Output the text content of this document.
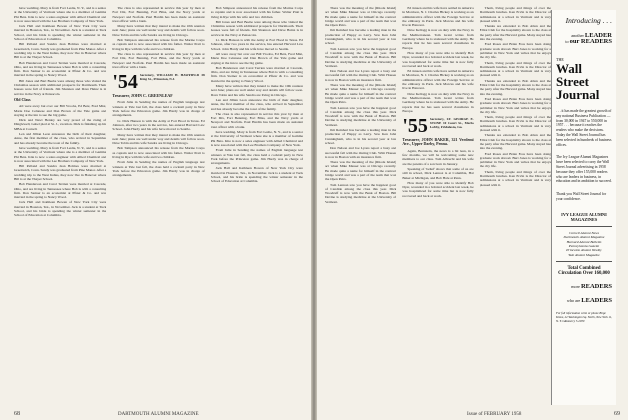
have wedding. Mary is from Fort Leslie, N. Y., and is a senior at the University of Vermont where she is a member of Gamma Phi Beta. Kite is now a sales engineer with Allied Chemical and is now associated with the Lee Brothers Company of New York.

Jack Hall and Kathleen Bowen of New York City were married in Houston, Tex., in November. Jack is a student at Tuck School, and his bride is spending the winter semester in the School of Education at Columbia.

Bill Pelland and Sandra Jean Holmes were married at Greenwich, Conn. Sandy was graduated from Pine Manor. After a wedding trip to the West Indies, they now live in Hanover where Bill is at the Thayer School.

Bob Henderson and Carol Terrien were married at Cascade, Ohio, and are living in Tennessee where Bob is with a consulting firm. Don Steiner is an economist at Pfizer & Co. and was married in the spring to Nancy Wood.

Bill Jones and Bart Beebe were among those who visited the Christmas season with additional prospects for Dartmouth. Their houses were full of friends. Jim Shannon and Dave Heinz is in service in the Navy at Pensacola.

Old Class

All were away but over our Bill Vrooba, Ed Betz, Fred Mist, Marie Doe Celanese and Dan Brown of the Yale game and staying at the inn to see the big game.

Dick and Newt Henley are very proud of the rising of Dinglewell, Gabel pled at St. J., vacation. Dick is finishing up his MBA at Cornell.

Len and Jillian Leon announce the birth of their daughter, Anne, the first member of the class, who arrived in September and has already become the toast of the family.

have wedding. Mary is from Fort Leslie, N. Y., and is a senior at the University of Vermont where she is a member of Gamma Phi Beta. Kite is now a sales engineer with Allied Chemical and is now associated with the Lee Brothers Company of New York.

Bill Pelland and Sandra Jean Holmes were married at Greenwich, Conn. Sandy was graduated from Pine Manor. After a wedding trip to the West Indies, they now live in Hanover where Bill is at the Thayer School.

Bob Henderson and Carol Terrien were married at Cascade, Ohio, and are living in Tennessee where Bob is with a consulting firm. Don Steiner is an economist at Pfizer & Co. and was married in the spring to Nancy Wood.

Jack Hall and Kathleen Bowen of New York City were married in Houston, Tex., in November. Jack is a student at Tuck School, and his bride is spending the winter semester in the School of Education at Columbia.

The class is also represented in service this year by men at Fort Dix, Fort Benning, Fort Bliss, and the Navy yards at Newport and Norfolk. Paul Hardin has been made an assistant trust officer with a bank.

Many have written that they intend to make the 10th reunion next June; plans are well under way and details will follow soon. Dave Tobin and his wife Sandra are living in Chicago.

Bob Simpson announced his release from the Marine Corps as captain and is now associated with his father. Walter Pratt is living in Rye with his wife and two children.

The class is also represented in service this year by men at Fort Dix, Fort Benning, Fort Bliss, and the Navy yards at Newport and Norfolk. Paul Hardin has been made an assistant trust officer with a bank.

'54 Secretary, WILLIAM H. HAWFIELD 38 King St., Princeton, N.J.

Treasurer, JOHN C. GREENLEAF

From Julie in Sending the names of English language test winners at Yale last fall, the class held a cocktail party in New York before the Princeton game. Jim Hardy was in charge of arrangements.

Lt. Dick Hanson is with the Army at Fort Hood in Texas. Ed Johnson, after two years in the service, has entered Harvard Law School. John Hardy and his wife have moved to Seattle.

Many have written that they intend to make the 10th reunion next June; plans are well under way and details will follow soon. Dave Tobin and his wife Sandra are living in Chicago.

Bob Simpson announced his release from the Marine Corps as captain and is now associated with his father. Walter Pratt is living in Rye with his wife and two children.

From Julie in Sending the names of English language test winners at Yale last fall, the class held a cocktail party in New York before the Princeton game. Jim Hardy was in charge of arrangements.

Bob Simpson announced his release from the Marine Corps as captain and is now associated with his father. Walter Pratt is living in Rye with his wife and two children.

Bill Jones and Bart Beebe were among those who visited the Christmas season with additional prospects for Dartmouth. Their houses were full of friends. Jim Shannon and Dave Heinz is in service in the Navy at Pensacola.

Lt. Dick Hanson is with the Army at Fort Hood in Texas. Ed Johnson, after two years in the service, has entered Harvard Law School. John Hardy and his wife have moved to Seattle.

All were away but over our Bill Vrooba, Ed Betz, Fred Mist, Marie Doe Celanese and Dan Brown of the Yale game and staying at the inn to see the big game.

Bob Henderson and Carol Terrien were married at Cascade, Ohio, and are living in Tennessee where Bob is with a consulting firm. Don Steiner is an economist at Pfizer & Co. and was married in the spring to Nancy Wood.

Many have written that they intend to make the 10th reunion next June; plans are well under way and details will follow soon. Dave Tobin and his wife Sandra are living in Chicago.

Len and Jillian Leon announce the birth of their daughter, Anne, the first member of the class, who arrived in September and has already become the toast of the family.

The class is also represented in service this year by men at Fort Dix, Fort Benning, Fort Bliss, and the Navy yards at Newport and Norfolk. Paul Hardin has been made an assistant trust officer with a bank.

have wedding. Mary is from Fort Leslie, N. Y., and is a senior at the University of Vermont where she is a member of Gamma Phi Beta. Kite is now a sales engineer with Allied Chemical and is now associated with the Lee Brothers Company of New York.

From Julie in Sending the names of English language test winners at Yale last fall, the class held a cocktail party in New York before the Princeton game. Jim Hardy was in charge of arrangements.

Jack Hall and Kathleen Bowen of New York City were married in Houston, Tex., in November. Jack is a student at Tuck School, and his bride is spending the winter semester in the School of Education at Columbia.

68	DARTMOUTH ALUMNI MAGAZINE

There was the meaning of the (Rhode Island) act when Mike Messer was at Chicago recently. He made quite a name for himself in the contract bridge world and was a part of the team that won the Open Pairs.

Jim Reinhart has become a leading man in the production of Happy as Larry. Saw Ken Jahn Cunningham, who is in his second year at law school.

Tom Lennon saw you have the happiest good of Candide among the class this year. Dick Woodruff is now with the Bank of Boston. Bill Devine is studying medicine at the University of Vermont.

Don Nelson and Joe Lyons report a busy and successful fall with the Outing Club. Whit Houser is now in Boston with an insurance firm.

There was the meaning of the (Rhode Island) act when Mike Messer was at Chicago recently. He made quite a name for himself in the contract bridge world and was a part of the team that won the Open Pairs.

Tom Lennon saw you have the happiest good of Candide among the class this year. Dick Woodruff is now with the Bank of Boston. Bill Devine is studying medicine at the University of Vermont.

Jim Reinhart has become a leading man in the production of Happy as Larry. Saw Ken Jahn Cunningham, who is in his second year at law school.

Don Nelson and Joe Lyons report a busy and successful fall with the Outing Club. Whit Houser is now in Boston with an insurance firm.

There was the meaning of the (Rhode Island) act when Mike Messer was at Chicago recently. He made quite a name for himself in the contract bridge world and was a part of the team that won the Open Pairs.

Tom Lennon saw you have the happiest good of Candide among the class this year. Dick Woodruff is now with the Bank of Boston. Bill Devine is studying medicine at the University of Vermont.

Ed Jensen and his wife have settled in America in Morrison, N. J. Charles Hickey is working as an administrative officer with the Foreign Service at the embassy in Paris. Jack Marcus and his wife live in Hanover.

Dave Kellogg is now on duty with the Navy in the Mediterranean. Tom Grant writes from Germany where he is stationed with the Army. He reports that he has seen several classmates in Europe.

How many of you were able to identify Bob Dyer, wounded in a bobsled accident last week, he was hospitalized for some time but is now fully recovered and back at work.

Ed Jensen and his wife have settled in America in Morrison, N. J. Charles Hickey is working as an administrative officer with the Foreign Service at the embassy in Paris. Jack Marcus and his wife live in Hanover.

Dave Kellogg is now on duty with the Navy in the Mediterranean. Tom Grant writes from Germany where he is stationed with the Army. He reports that he has seen several classmates in Europe.

'55 Secretary, LT. GEORGE E. STONE 10 Court St., Marlo Lobby, Fridalesta, Ga.

Treasurer, JOHN BAKER, 321 Verdemi Ave., Upper Darby, Penna.

Again, Bernstein, the news is a bit lean, in a few months, we will be welcoming some new members to our class. Tom Albrecht and his wife are the parents of a son born in January.

Speaking of 'belief' shows that some of us are still in school, Dick Lennox is at Columbia, Hal Baker at Michigan, and Bob Hale at Penn.

How many of you were able to identify Bob Dyer, wounded in a bobsled accident last week, he was hospitalized for some time but is now fully recovered and back at work.

Them, living people and things of over the Dartmouth lunches. Ken Ervin is the Director of Admissions at a school in Vermont and is very pleased with it.

Thanks are extended to Bob Allen and the Elliot Club for the hospitality shown to the class at the party after the Harvard game. Many stayed late into the evening.

Fred Roses and Brian Foss have been doing graduate work abroad. Burt Jones is working for a publisher in New York and writes that he enjoys the city life.

Them, living people and things of over the Dartmouth lunches. Ken Ervin is the Director of Admissions at a school in Vermont and is very pleased with it.

Thanks are extended to Bob Allen and the Elliot Club for the hospitality shown to the class at the party after the Harvard game. Many stayed late into the evening.

Fred Roses and Brian Foss have been doing graduate work abroad. Burt Jones is working for a publisher in New York and writes that he enjoys the city life.

Them, living people and things of over the Dartmouth lunches. Ken Ervin is the Director of Admissions at a school in Vermont and is very pleased with it.

Thanks are extended to Bob Allen and the Elliot Club for the hospitality shown to the class at the party after the Harvard game. Many stayed late into the evening.

Fred Roses and Brian Foss have been doing graduate work abroad. Burt Jones is working for a publisher in New York and writes that he enjoys the city life.

Them, living people and things of over the Dartmouth lunches. Ken Ervin is the Director of Admissions at a school in Vermont and is very pleased with it.

Introducing . . .
another LEADER
to our READERS
THE
Wall Street Journal
. . . it has made the greatest growth of any national Business Publication — from 30,000 in 1947 to 550,000 in 1957 . . . because it reaches the readers who make the decisions. Today the Wall Street Journal has been selected in hundreds of business offices.
The Ivy League Alumni Magazines have been selected to carry the Wall Street Journal advertising in 1958 because they offer 155,000 readers who are leaders in business, in education and in ambition to succeed.
Thank you Wall Street Journal for your confidence.
IVY LEAGUE ALUMNI MAGAZINES
Cornell Alumni News
Dartmouth Alumni Magazine
Harvard Alumni Bulletin
Pennsylvania Gazette
Princeton Alumni Weekly
Yale Alumni Magazine
Total Combined Circulation Over 160,000
more READERS
who are LEADERS
For full information write or phone Birge Kinne, 22 Washington Sq. North, New York 11, N. Y. GRamercy 5-2039
Issue of FEBRUARY 1958	69
